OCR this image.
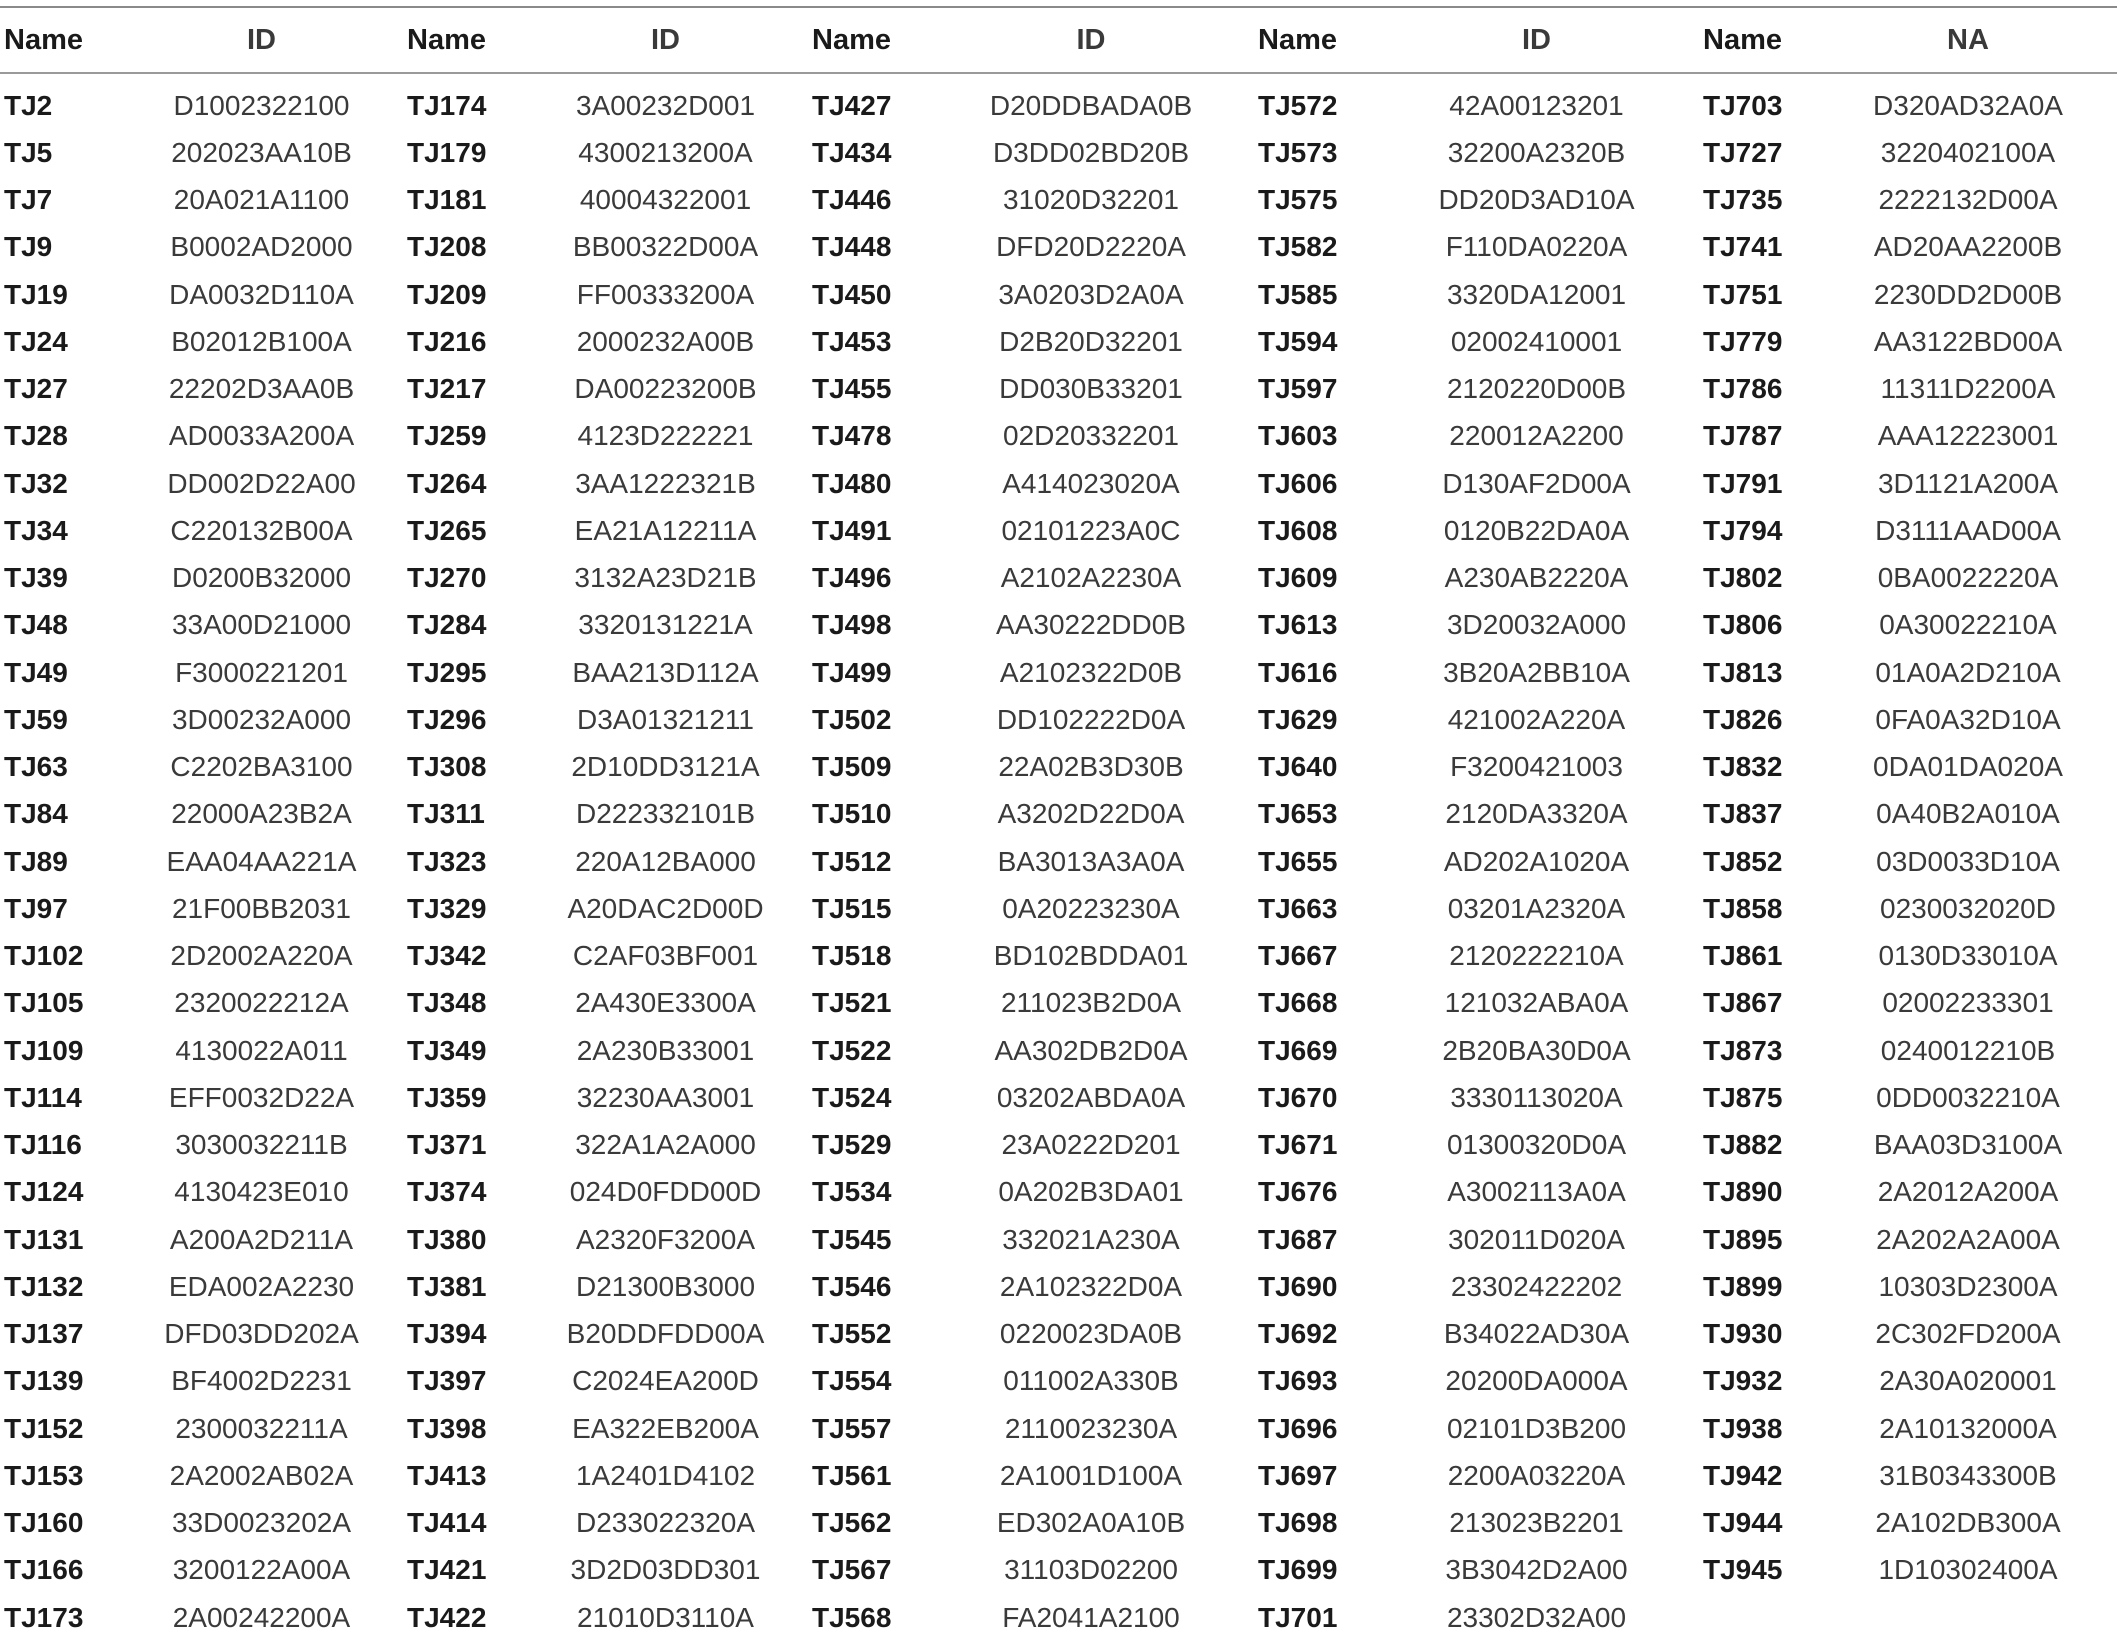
Name	ID	Name	ID	Name	ID	Name	ID	Name	NA

TJ2	D1002322100	TJ174	3A00232D001	TJ427	D20DDBADA0B	TJ572	42A00123201	TJ703	D320AD32A0A
TJ5	202023AA10B	TJ179	4300213200A	TJ434	D3DD02BD20B	TJ573	32200A2320B	TJ727	3220402100A
TJ7	20A021A1100	TJ181	40004322001	TJ446	31020D32201	TJ575	DD20D3AD10A	TJ735	2222132D00A
TJ9	B0002AD2000	TJ208	BB00322D00A	TJ448	DFD20D2220A	TJ582	F110DA0220A	TJ741	AD20AA2200B
TJ19	DA0032D110A	TJ209	FF00333200A	TJ450	3A0203D2A0A	TJ585	3320DA12001	TJ751	2230DD2D00B
TJ24	B02012B100A	TJ216	2000232A00B	TJ453	D2B20D32201	TJ594	02002410001	TJ779	AA3122BD00A
TJ27	22202D3AA0B	TJ217	DA00223200B	TJ455	DD030B33201	TJ597	2120220D00B	TJ786	11311D2200A
TJ28	AD0033A200A	TJ259	4123D222221	TJ478	02D20332201	TJ603	220012A2200	TJ787	AAA12223001
TJ32	DD002D22A00	TJ264	3AA1222321B	TJ480	A414023020A	TJ606	D130AF2D00A	TJ791	3D1121A200A
TJ34	C220132B00A	TJ265	EA21A12211A	TJ491	02101223A0C	TJ608	0120B22DA0A	TJ794	D3111AAD00A
TJ39	D0200B32000	TJ270	3132A23D21B	TJ496	A2102A2230A	TJ609	A230AB2220A	TJ802	0BA0022220A
TJ48	33A00D21000	TJ284	3320131221A	TJ498	AA30222DD0B	TJ613	3D20032A000	TJ806	0A30022210A
TJ49	F3000221201	TJ295	BAA213D112A	TJ499	A2102322D0B	TJ616	3B20A2BB10A	TJ813	01A0A2D210A
TJ59	3D00232A000	TJ296	D3A01321211	TJ502	DD102222D0A	TJ629	421002A220A	TJ826	0FA0A32D10A
TJ63	C2202BA3100	TJ308	2D10DD3121A	TJ509	22A02B3D30B	TJ640	F3200421003	TJ832	0DA01DA020A
TJ84	22000A23B2A	TJ311	D222332101B	TJ510	A3202D22D0A	TJ653	2120DA3320A	TJ837	0A40B2A010A
TJ89	EAA04AA221A	TJ323	220A12BA000	TJ512	BA3013A3A0A	TJ655	AD202A1020A	TJ852	03D0033D10A
TJ97	21F00BB2031	TJ329	A20DAC2D00D	TJ515	0A20223230A	TJ663	03201A2320A	TJ858	0230032020D
TJ102	2D2002A220A	TJ342	C2AF03BF001	TJ518	BD102BDDA01	TJ667	2120222210A	TJ861	0130D33010A
TJ105	2320022212A	TJ348	2A430E3300A	TJ521	211023B2D0A	TJ668	121032ABA0A	TJ867	02002233301
TJ109	4130022A011	TJ349	2A230B33001	TJ522	AA302DB2D0A	TJ669	2B20BA30D0A	TJ873	0240012210B
TJ114	EFF0032D22A	TJ359	32230AA3001	TJ524	03202ABDA0A	TJ670	3330113020A	TJ875	0DD0032210A
TJ116	3030032211B	TJ371	322A1A2A000	TJ529	23A0222D201	TJ671	01300320D0A	TJ882	BAA03D3100A
TJ124	4130423E010	TJ374	024D0FDD00D	TJ534	0A202B3DA01	TJ676	A3002113A0A	TJ890	2A2012A200A
TJ131	A200A2D211A	TJ380	A2320F3200A	TJ545	332021A230A	TJ687	302011D020A	TJ895	2A202A2A00A
TJ132	EDA002A2230	TJ381	D21300B3000	TJ546	2A102322D0A	TJ690	23302422202	TJ899	10303D2300A
TJ137	DFD03DD202A	TJ394	B20DDFDD00A	TJ552	0220023DA0B	TJ692	B34022AD30A	TJ930	2C302FD200A
TJ139	BF4002D2231	TJ397	C2024EA200D	TJ554	011002A330B	TJ693	20200DA000A	TJ932	2A30A020001
TJ152	2300032211A	TJ398	EA322EB200A	TJ557	2110023230A	TJ696	02101D3B200	TJ938	2A10132000A
TJ153	2A2002AB02A	TJ413	1A2401D4102	TJ561	2A1001D100A	TJ697	2200A03220A	TJ942	31B0343300B
TJ160	33D0023202A	TJ414	D233022320A	TJ562	ED302A0A10B	TJ698	213023B2201	TJ944	2A102DB300A
TJ166	3200122A00A	TJ421	3D2D03DD301	TJ567	31103D02200	TJ699	3B3042D2A00	TJ945	1D10302400A
TJ173	2A00242200A	TJ422	21010D3110A	TJ568	FA2041A2100	TJ701	23302D32A00		
